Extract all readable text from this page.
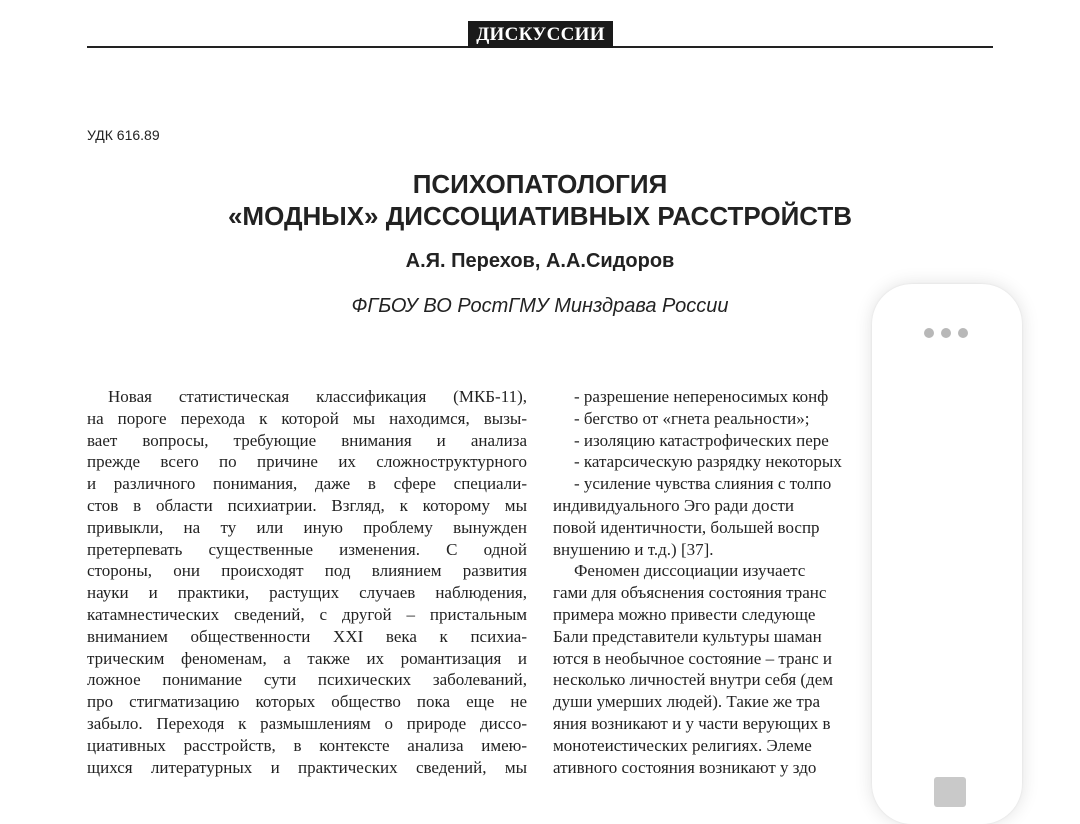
ДИСКУССИИ
УДК 616.89
ПСИХОПАТОЛОГИЯ
«МОДНЫХ» ДИССОЦИАТИВНЫХ РАССТРОЙСТВ
А.Я. Перехов, А.А.Сидоров
ФГБОУ ВО РостГМУ Минздрава России
Новая статистическая классификация (МКБ-11),
на пороге перехода к которой мы находимся, вызы-
вает вопросы, требующие внимания и анализа
прежде всего по причине их сложноструктурного
и различного понимания, даже в сфере специали-
стов в области психиатрии. Взгляд, к которому мы
привыкли, на ту или иную проблему вынужден
претерпевать существенные изменения. С одной
стороны, они происходят под влиянием развития
науки и практики, растущих случаев наблюдения,
катамнестических сведений, с другой – пристальным
вниманием общественности XXI века к психиа-
трическим феноменам, а также их романтизация и
ложное понимание сути психических заболеваний,
про стигматизацию которых общество пока еще не
забыло. Переходя к размышлениям о природе диссо-
циативных расстройств, в контексте анализа имею-
щихся литературных и практических сведений, мы
- разрешение непереносимых конф
- бегство от «гнета реальности»;
- изоляцию катастрофических пере
- катарсическую разрядку некоторых
- усиление чувства слияния с толпо
индивидуального Эго ради дости
повой идентичности, большей воспр
внушению и т.д.) [37].
Феномен диссоциации изучаетс
гами для объяснения состояния транс
примера можно привести следующе
Бали представители культуры шаман
ются в необычное состояние – транс и
несколько личностей внутри себя (дем
души умерших людей). Такие же тра
яния возникают и у части верующих в
монотеистических религиях. Элеме
ативного состояния возникают у здо
